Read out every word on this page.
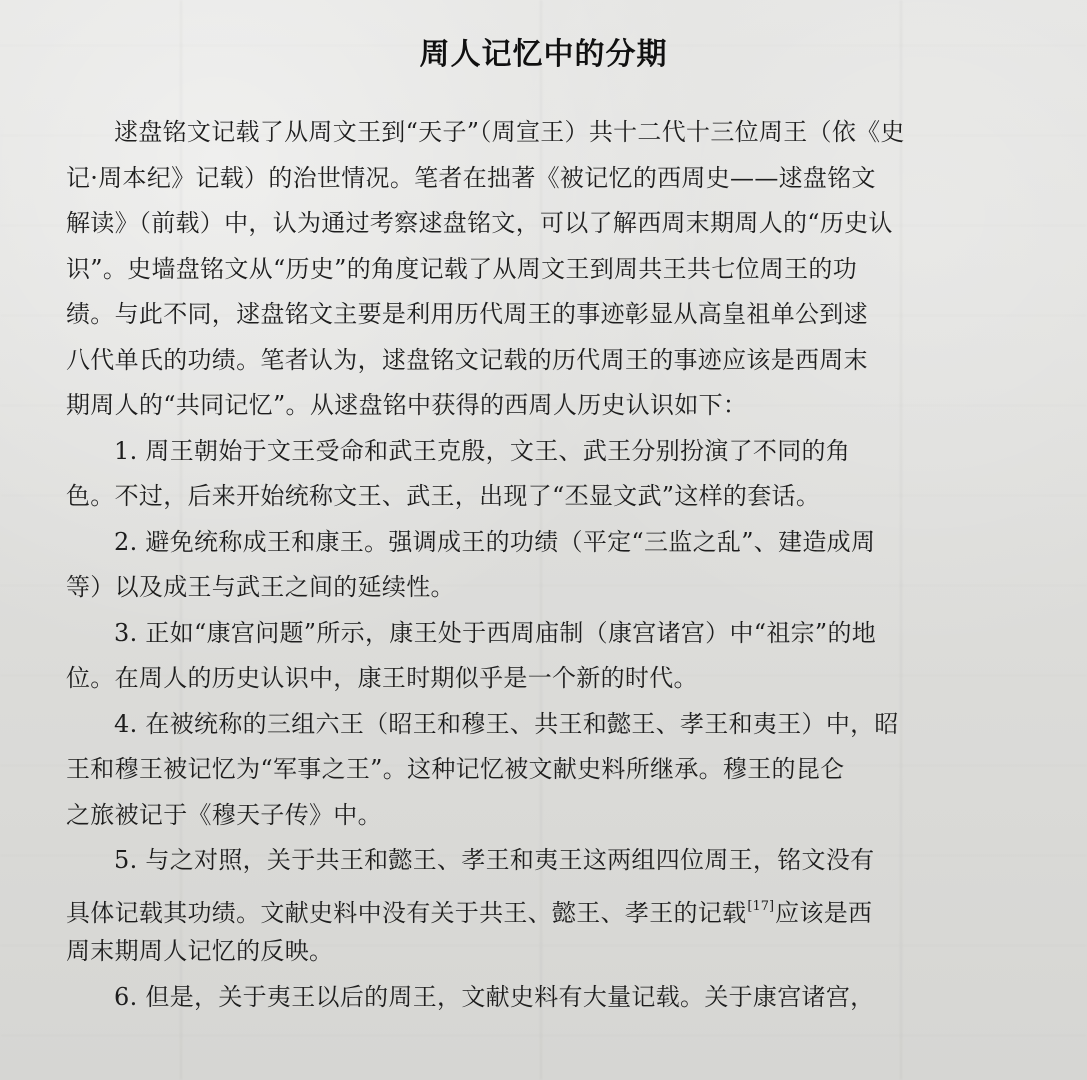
周人记忆中的分期
逑盘铭文记载了从周文王到“天子”（周宣王）共十二代十三位周王（依《史
记·周本纪》记载）的治世情况。笔者在拙著《被记忆的西周史——逑盘铭文
解读》（前载）中，认为通过考察逑盘铭文，可以了解西周末期周人的“历史认
识”。史墙盘铭文从“历史”的角度记载了从周文王到周共王共七位周王的功
绩。与此不同，逑盘铭文主要是利用历代周王的事迹彰显从高皇祖单公到逑
八代单氏的功绩。笔者认为，逑盘铭文记载的历代周王的事迹应该是西周末
期周人的“共同记忆”。从逑盘铭中获得的西周人历史认识如下：
1. 周王朝始于文王受命和武王克殷，文王、武王分别扮演了不同的角
色。不过，后来开始统称文王、武王，出现了“丕显文武”这样的套话。
2. 避免统称成王和康王。强调成王的功绩（平定“三监之乱”、建造成周
等）以及成王与武王之间的延续性。
3. 正如“康宫问题”所示，康王处于西周庙制（康宫诸宫）中“祖宗”的地
位。在周人的历史认识中，康王时期似乎是一个新的时代。
4. 在被统称的三组六王（昭王和穆王、共王和懿王、孝王和夷王）中，昭
王和穆王被记忆为“军事之王”。这种记忆被文献史料所继承。穆王的昆仑
之旅被记于《穆天子传》中。
5. 与之对照，关于共王和懿王、孝王和夷王这两组四位周王，铭文没有
具体记载其功绩。文献史料中没有关于共王、懿王、孝王的记载[17]应该是西
周末期周人记忆的反映。
6. 但是，关于夷王以后的周王，文献史料有大量记载。关于康宫诸宫，
